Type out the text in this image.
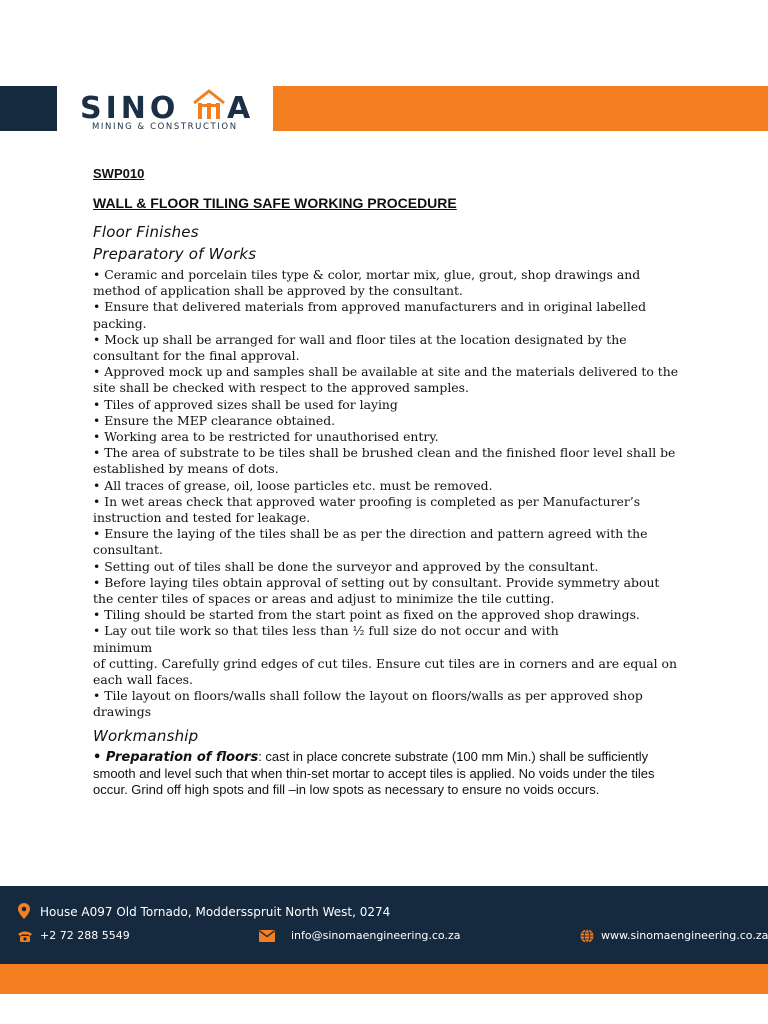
SINO A
MINING & CONSTRUCTION
SWP010
WALL & FLOOR TILING SAFE WORKING PROCEDURE
Floor Finishes
Preparatory of Works

• Ceramic and porcelain tiles type & color, mortar mix, glue, grout, shop drawings and method of application shall be approved by the consultant.

• Ensure that delivered materials from approved manufacturers and in original labelled packing.

• Mock up shall be arranged for wall and floor tiles at the location designated by the consultant for the final approval.

• Approved mock up and samples shall be available at site and the materials delivered to the site shall be checked with respect to the approved samples.

• Tiles of approved sizes shall be used for laying

• Ensure the MEP clearance obtained.

• Working area to be restricted for unauthorised entry.

• The area of substrate to be tiles shall be brushed clean and the finished floor level shall be established by means of dots.

• All traces of grease, oil, loose particles etc. must be removed.

• In wet areas check that approved water proofing is completed as per Manufacturer’s instruction and tested for leakage.

• Ensure the laying of the tiles shall be as per the direction and pattern agreed with the consultant.

• Setting out of tiles shall be done the surveyor and approved by the consultant.

• Before laying tiles obtain approval of setting out by consultant. Provide symmetry about the center tiles of spaces or areas and adjust to minimize the tile cutting.

• Tiling should be started from the start point as fixed on the approved shop drawings.

• Lay out tile work so that tiles less than ½ full size do not occur and with minimum

of cutting. Carefully grind edges of cut tiles. Ensure cut tiles are in corners and are equal on each wall faces.

• Tile layout on floors/walls shall follow the layout on floors/walls as per approved shop drawings

Workmanship

• Preparation of floors: cast in place concrete substrate (100 mm Min.) shall be sufficiently smooth and level such that when thin-set mortar to accept tiles is applied. No voids under the tiles occur. Grind off high spots and fill –in low spots as necessary to ensure no voids occurs.

House A097 Old Tornado, Moddersspruit North West, 0274
+2 72 288 5549	info@sinomaengineering.co.za	www.sinomaengineering.co.za
